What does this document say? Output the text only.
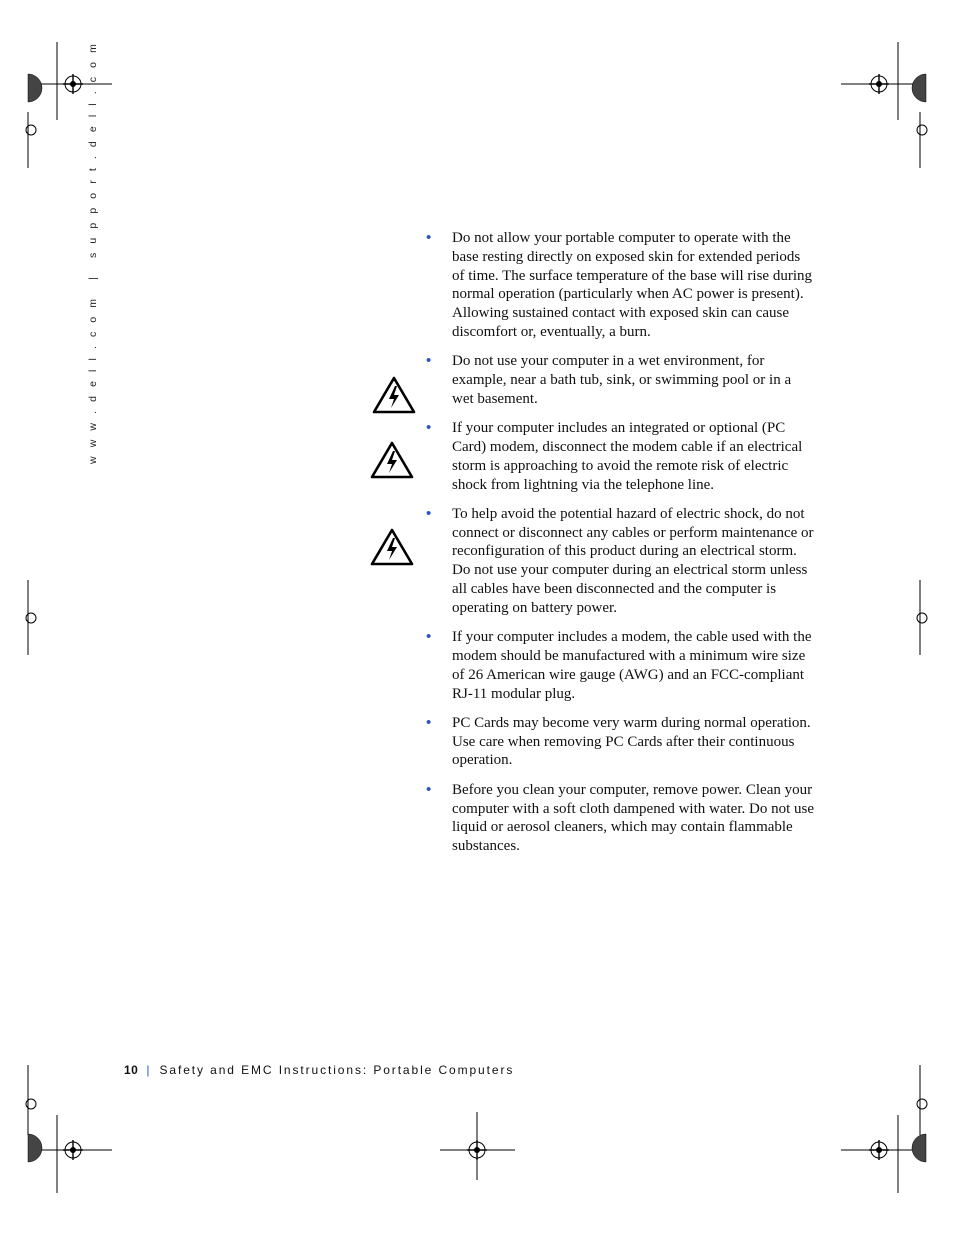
w w w . d e l l . c o m | s u p p o r t . d e l l . c o m	• Do not allow your portable computer to operate with the base resting directly on exposed skin for extended periods of time. The surface temperature of the base will rise during normal operation (particularly when AC power is present). Allowing sustained contact with exposed skin can cause discomfort or, eventually, a burn.
• Do not use your computer in a wet environment, for example, near a bath tub, sink, or swimming pool or in a wet basement.
• If your computer includes an integrated or optional (PC Card) modem, disconnect the modem cable if an electrical storm is approaching to avoid the remote risk of electric shock from lightning via the telephone line.
• To help avoid the potential hazard of electric shock, do not connect or disconnect any cables or perform maintenance or reconfiguration of this product during an electrical storm. Do not use your computer during an electrical storm unless all cables have been disconnected and the computer is operating on battery power.
• If your computer includes a modem, the cable used with the modem should be manufactured with a minimum wire size of 26 American wire gauge (AWG) and an FCC-compliant RJ-11 modular plug.
• PC Cards may become very warm during normal operation. Use care when removing PC Cards after their continuous operation.
• Before you clean your computer, remove power. Clean your computer with a soft cloth dampened with water. Do not use liquid or aerosol cleaners, which may contain flammable substances.
10 | Safety and EMC Instructions: Portable Computers
